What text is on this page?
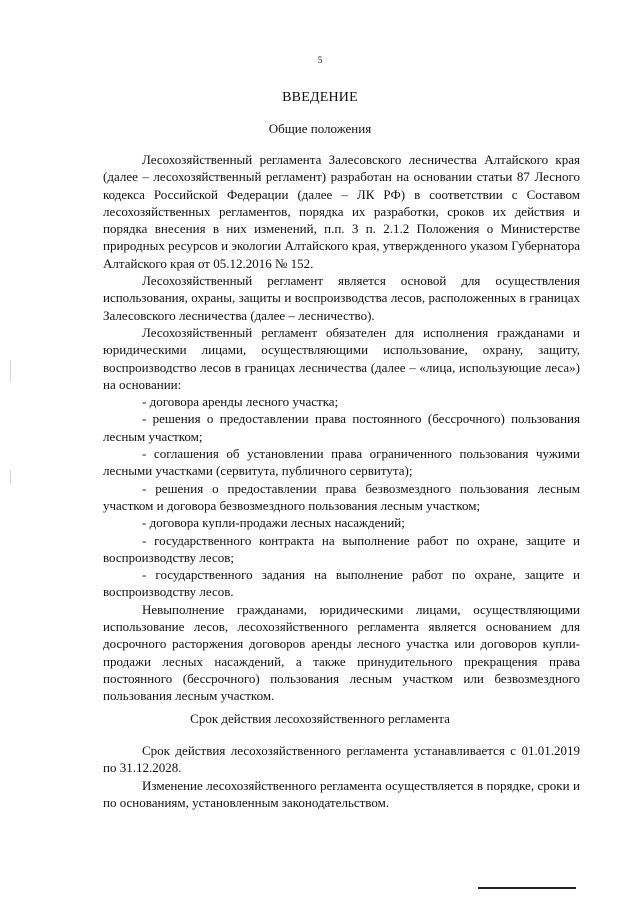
5
ВВЕДЕНИЕ
Общие положения

Лесохозяйственный регламента Залесовского лесничества Алтайского края (далее – лесохозяйственный регламент) разработан на основании статьи 87 Лесного кодекса Российской Федерации (далее – ЛК РФ) в соответствии с Составом лесохозяйственных регламентов, порядка их разработки, сроков их действия и порядка внесения в них изменений, п.п. 3 п. 2.1.2 Положения о Министерстве природных ресурсов и экологии Алтайского края, утвержденного указом Губернатора Алтайского края от 05.12.2016 № 152.

Лесохозяйственный регламент является основой для осуществления использования, охраны, защиты и воспроизводства лесов, расположенных в границах Залесовского лесничества (далее – лесничество).

Лесохозяйственный регламент обязателен для исполнения гражданами и юридическими лицами, осуществляющими использование, охрану, защиту, воспроизводство лесов в границах лесничества (далее – «лица, использующие леса») на основании:

- договора аренды лесного участка;

- решения о предоставлении права постоянного (бессрочного) пользования лесным участком;

- соглашения об установлении права ограниченного пользования чужими лесными участками (сервитута, публичного сервитута);

- решения о предоставлении права безвозмездного пользования лесным участком и договора безвозмездного пользования лесным участком;

- договора купли-продажи лесных насаждений;

- государственного контракта на выполнение работ по охране, защите и воспроизводству лесов;

- государственного задания на выполнение работ по охране, защите и воспроизводству лесов.

Невыполнение гражданами, юридическими лицами, осуществляющими использование лесов, лесохозяйственного регламента является основанием для досрочного расторжения договоров аренды лесного участка или договоров купли-продажи лесных насаждений, а также принудительного прекращения права постоянного (бессрочного) пользования лесным участком или безвозмездного пользования лесным участком.

Срок действия лесохозяйственного регламента

Срок действия лесохозяйственного регламента устанавливается с 01.01.2019 по 31.12.2028.

Изменение лесохозяйственного регламента осуществляется в порядке, сроки и по основаниям, установленным законодательством.
